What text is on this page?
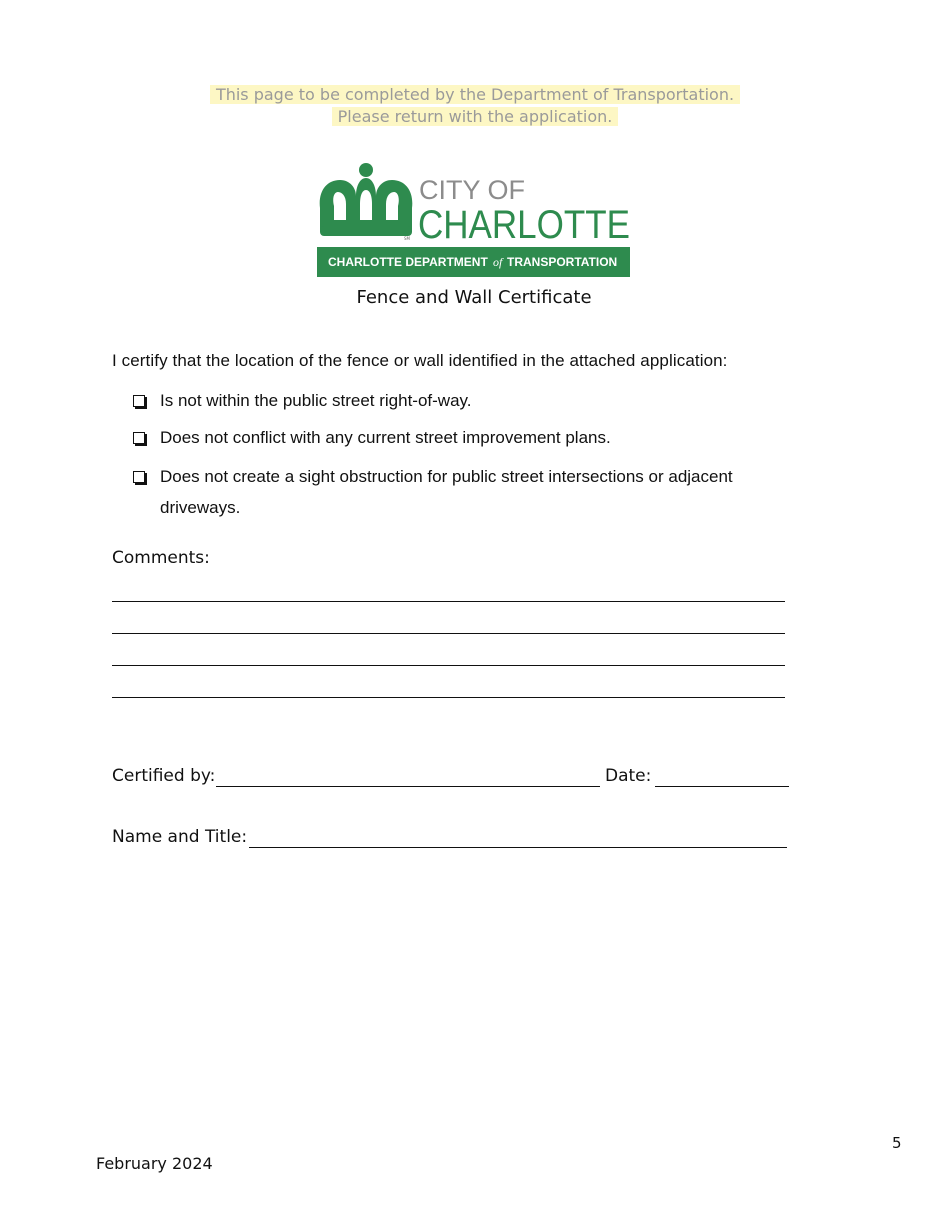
This page to be completed by the Department of Transportation.
Please return with the application.
SM
CITY OF
CHARLOTTE
CHARLOTTE DEPARTMENT of TRANSPORTATION
Fence and Wall Certificate
I certify that the location of the fence or wall identified in the attached application:
Is not within the public street right-of-way.
Does not conflict with any current street improvement plans.
Does not create a sight obstruction for public street intersections or adjacent driveways.
Comments:
Certified by:	Date:
Name and Title:
5
February 2024
